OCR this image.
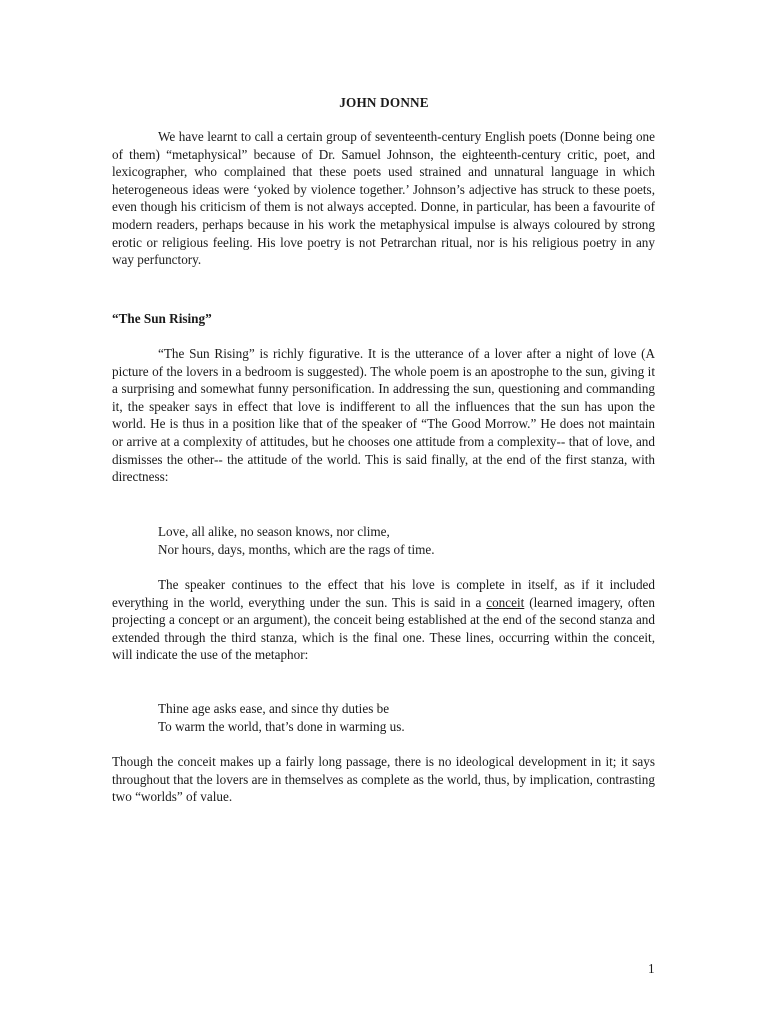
JOHN DONNE

We have learnt to call a certain group of seventeenth-century English poets (Donne being one of them) “metaphysical” because of Dr. Samuel Johnson, the eighteenth-century critic, poet, and lexicographer, who complained that these poets used strained and unnatural language in which heterogeneous ideas were ‘yoked by violence together.’ Johnson’s adjective has struck to these poets, even though his criticism of them is not always accepted. Donne, in particular, has been a favourite of modern readers, perhaps because in his work the metaphysical impulse is always coloured by strong erotic or religious feeling. His love poetry is not Petrarchan ritual, nor is his religious poetry in any way perfunctory.

“The Sun Rising”

“The Sun Rising” is richly figurative. It is the utterance of a lover after a night of love (A picture of the lovers in a bedroom is suggested). The whole poem is an apostrophe to the sun, giving it a surprising and somewhat funny personification. In addressing the sun, questioning and commanding it, the speaker says in effect that love is indifferent to all the influences that the sun has upon the world. He is thus in a position like that of the speaker of “The Good Morrow.” He does not maintain or arrive at a complexity of attitudes, but he chooses one attitude from a complexity-- that of love, and dismisses the other-- the attitude of the world. This is said finally, at the end of the first stanza, with directness:

Love, all alike, no season knows, nor clime,
Nor hours, days, months, which are the rags of time.

The speaker continues to the effect that his love is complete in itself, as if it included everything in the world, everything under the sun. This is said in a conceit (learned imagery, often projecting a concept or an argument), the conceit being established at the end of the second stanza and extended through the third stanza, which is the final one. These lines, occurring within the conceit, will indicate the use of the metaphor:

Thine age asks ease, and since thy duties be
To warm the world, that’s done in warming us.

Though the conceit makes up a fairly long passage, there is no ideological development in it; it says throughout that the lovers are in themselves as complete as the world, thus, by implication, contrasting two “worlds” of value.

1
